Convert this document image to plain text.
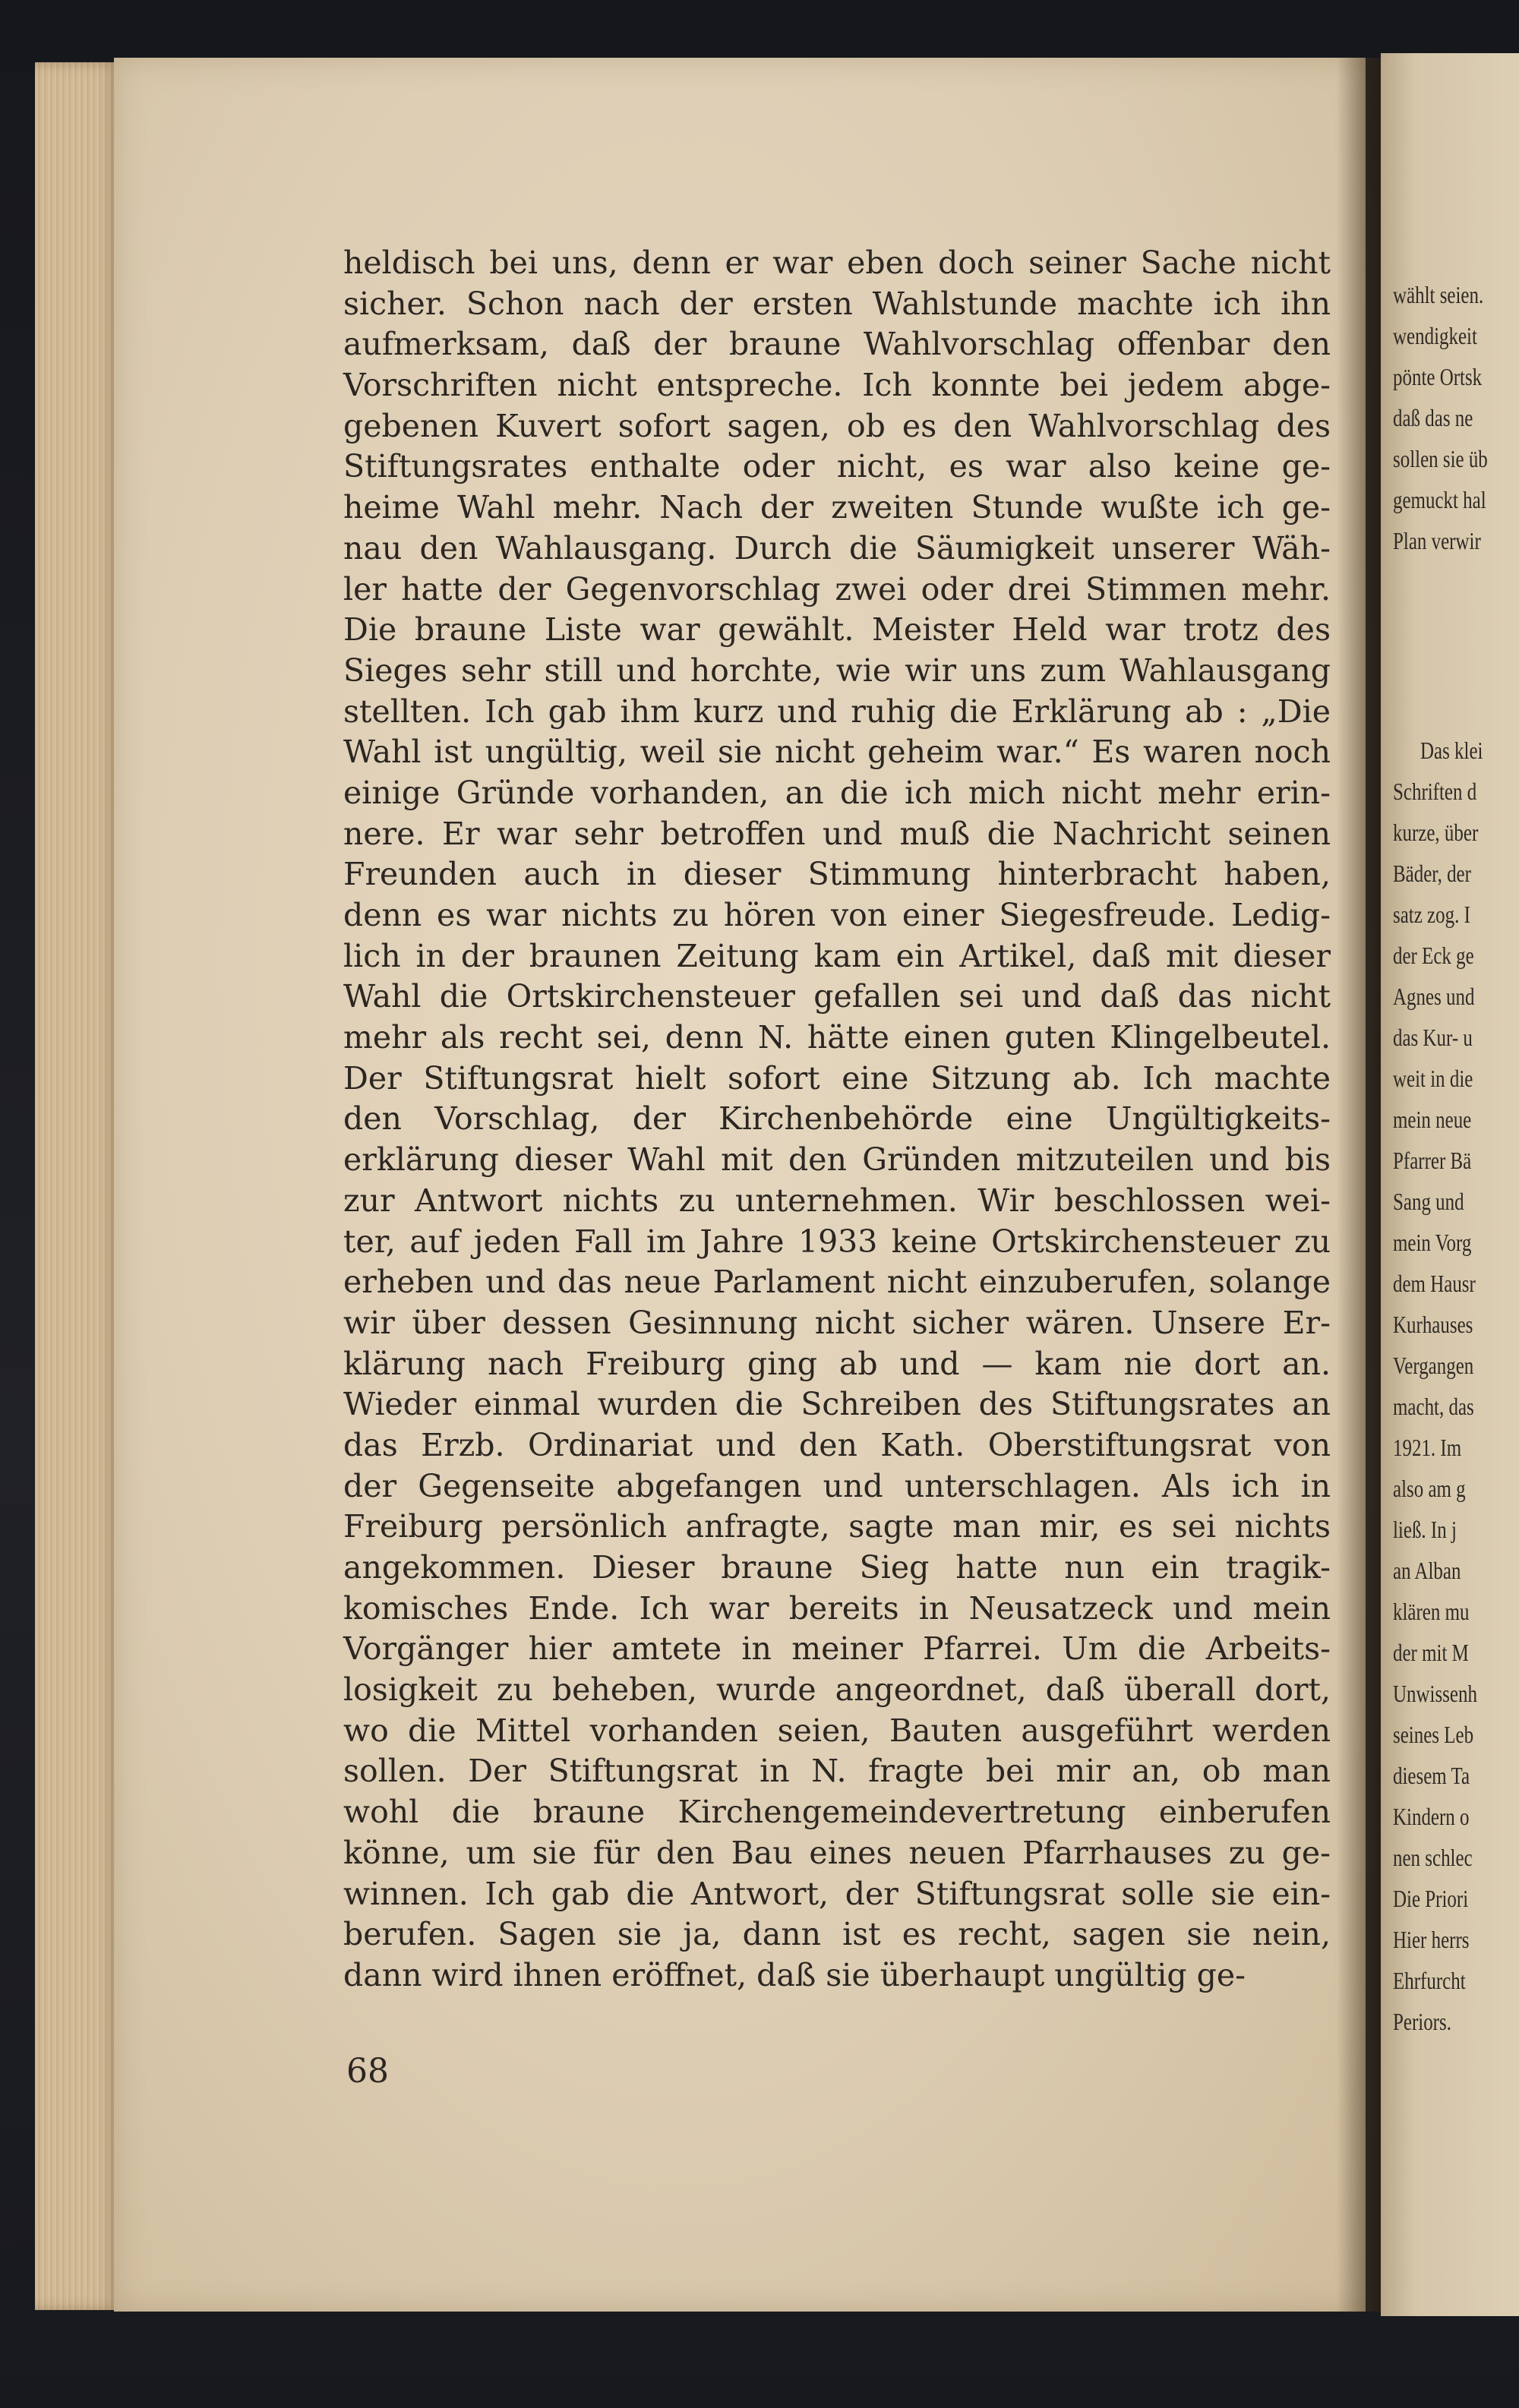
wählt seien.
wendigkeit
pönte Ortsk
daß das ne
sollen sie üb
gemuckt hal
Plan verwir
Das klei
Schriften d
kurze, über
Bäder, der
satz zog. I
der Eck ge
Agnes und
das Kur- u
weit in die
mein neue
Pfarrer Bä
Sang und
mein Vorg
dem Hausr
Kurhauses
Vergangen
macht, das
1921. Im
also am g
ließ. In j
an Alban
klären mu
der mit M
Unwissenh
seines Leb
diesem Ta
Kindern o
nen schlec
Die Priori
Hier herrs
Ehrfurcht
Periors.
heldisch bei uns, denn er war eben doch seiner Sache nicht
sicher. Schon nach der ersten Wahlstunde machte ich ihn
aufmerksam, daß der braune Wahlvorschlag offenbar den
Vorschriften nicht entspreche. Ich konnte bei jedem abge-
gebenen Kuvert sofort sagen, ob es den Wahlvorschlag des
Stiftungsrates enthalte oder nicht, es war also keine ge-
heime Wahl mehr. Nach der zweiten Stunde wußte ich ge-
nau den Wahlausgang. Durch die Säumigkeit unserer Wäh-
ler hatte der Gegenvorschlag zwei oder drei Stimmen mehr.
Die braune Liste war gewählt. Meister Held war trotz des
Sieges sehr still und horchte, wie wir uns zum Wahlausgang
stellten. Ich gab ihm kurz und ruhig die Erklärung ab : „Die
Wahl ist ungültig, weil sie nicht geheim war.“ Es waren noch
einige Gründe vorhanden, an die ich mich nicht mehr erin-
nere. Er war sehr betroffen und muß die Nachricht seinen
Freunden auch in dieser Stimmung hinterbracht haben,
denn es war nichts zu hören von einer Siegesfreude. Ledig-
lich in der braunen Zeitung kam ein Artikel, daß mit dieser
Wahl die Ortskirchensteuer gefallen sei und daß das nicht
mehr als recht sei, denn N. hätte einen guten Klingelbeutel.
Der Stiftungsrat hielt sofort eine Sitzung ab. Ich machte
den Vorschlag, der Kirchenbehörde eine Ungültigkeits-
erklärung dieser Wahl mit den Gründen mitzuteilen und bis
zur Antwort nichts zu unternehmen. Wir beschlossen wei-
ter, auf jeden Fall im Jahre 1933 keine Ortskirchensteuer zu
erheben und das neue Parlament nicht einzuberufen, solange
wir über dessen Gesinnung nicht sicher wären. Unsere Er-
klärung nach Freiburg ging ab und — kam nie dort an.
Wieder einmal wurden die Schreiben des Stiftungsrates an
das Erzb. Ordinariat und den Kath. Oberstiftungsrat von
der Gegenseite abgefangen und unterschlagen. Als ich in
Freiburg persönlich anfragte, sagte man mir, es sei nichts
angekommen. Dieser braune Sieg hatte nun ein tragik-
komisches Ende. Ich war bereits in Neusatzeck und mein
Vorgänger hier amtete in meiner Pfarrei. Um die Arbeits-
losigkeit zu beheben, wurde angeordnet, daß überall dort,
wo die Mittel vorhanden seien, Bauten ausgeführt werden
sollen. Der Stiftungsrat in N. fragte bei mir an, ob man
wohl die braune Kirchengemeindevertretung einberufen
könne, um sie für den Bau eines neuen Pfarrhauses zu ge-
winnen. Ich gab die Antwort, der Stiftungsrat solle sie ein-
berufen. Sagen sie ja, dann ist es recht, sagen sie nein,
dann wird ihnen eröffnet, daß sie überhaupt ungültig ge-
68
